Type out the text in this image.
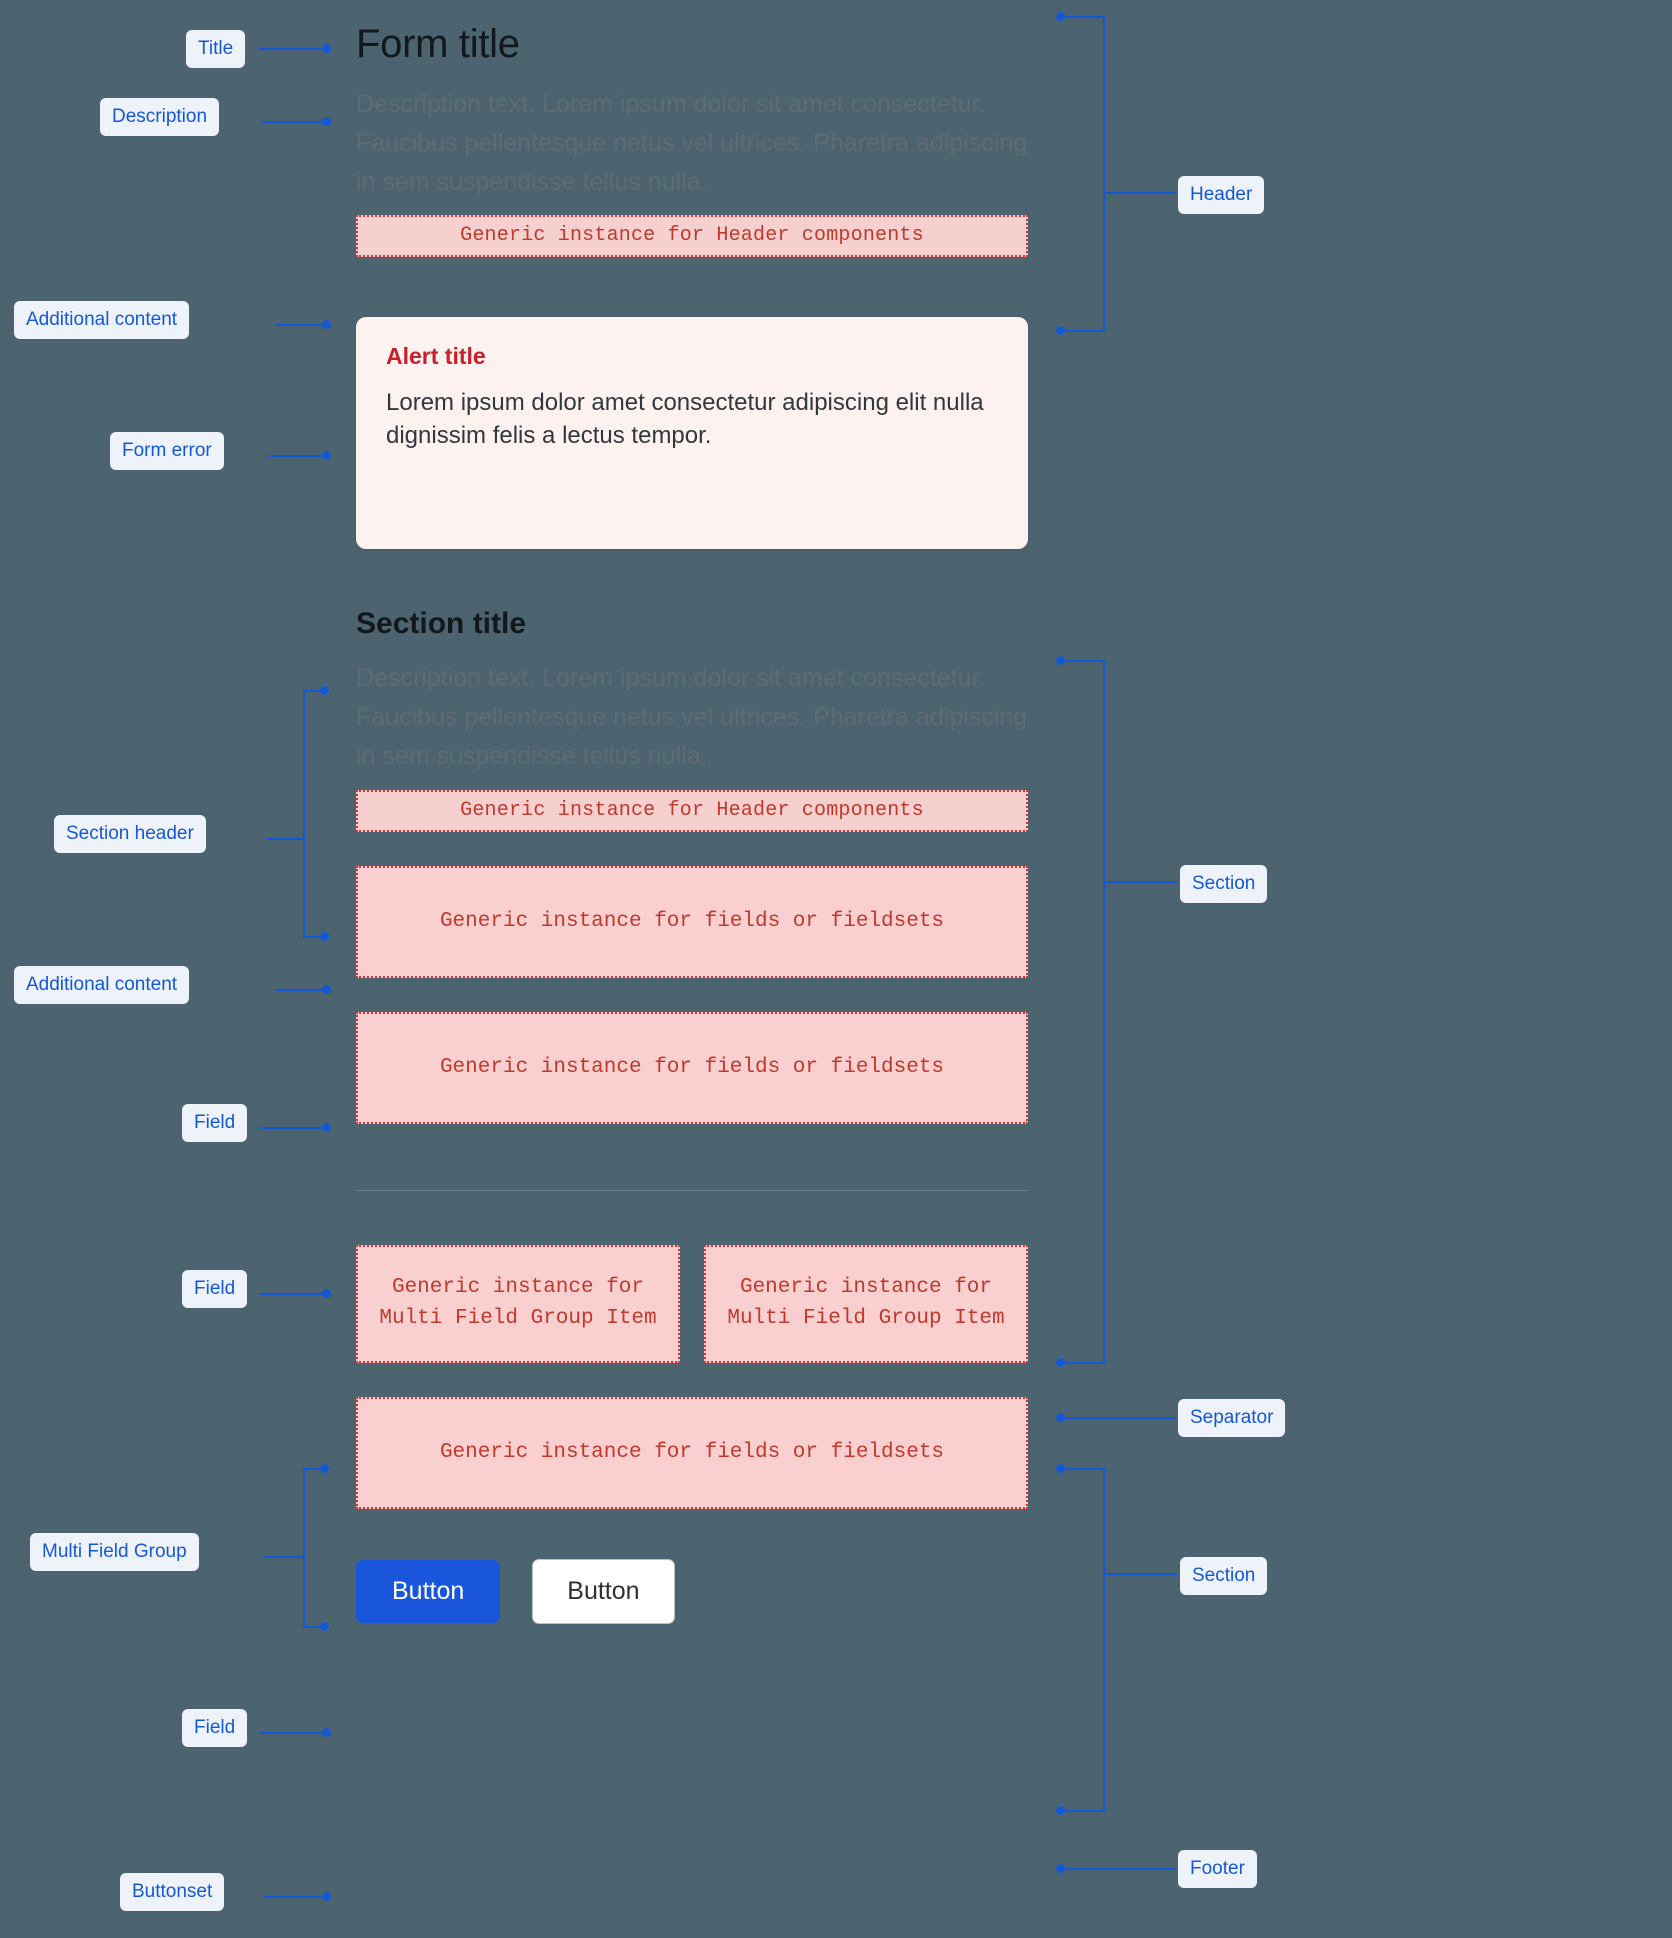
Form title

Description text. Lorem ipsum dolor sit amet consectetur. Faucibus pellentesque netus vel ultrices. Pharetra adipiscing in sem suspendisse tellus nulla.

Generic instance for Header components
Alert title

Lorem ipsum dolor amet consectetur adipiscing elit nulla dignissim felis a lectus tempor.

Section title

Description text. Lorem ipsum dolor sit amet consectetur. Faucibus pellentesque netus vel ultrices. Pharetra adipiscing in sem suspendisse tellus nulla.

Generic instance for Header components
Generic instance for fields or fieldsets
Generic instance for fields or fieldsets
Generic instance for Multi Field Group Item
Generic instance for Multi Field Group Item
Generic instance for fields or fieldsets
Button	Button
Title
Description
Additional content
Form error
Section header
Additional content
Field
Field
Multi Field Group
Field
Buttonset
Header
Section
Separator
Section
Footer
